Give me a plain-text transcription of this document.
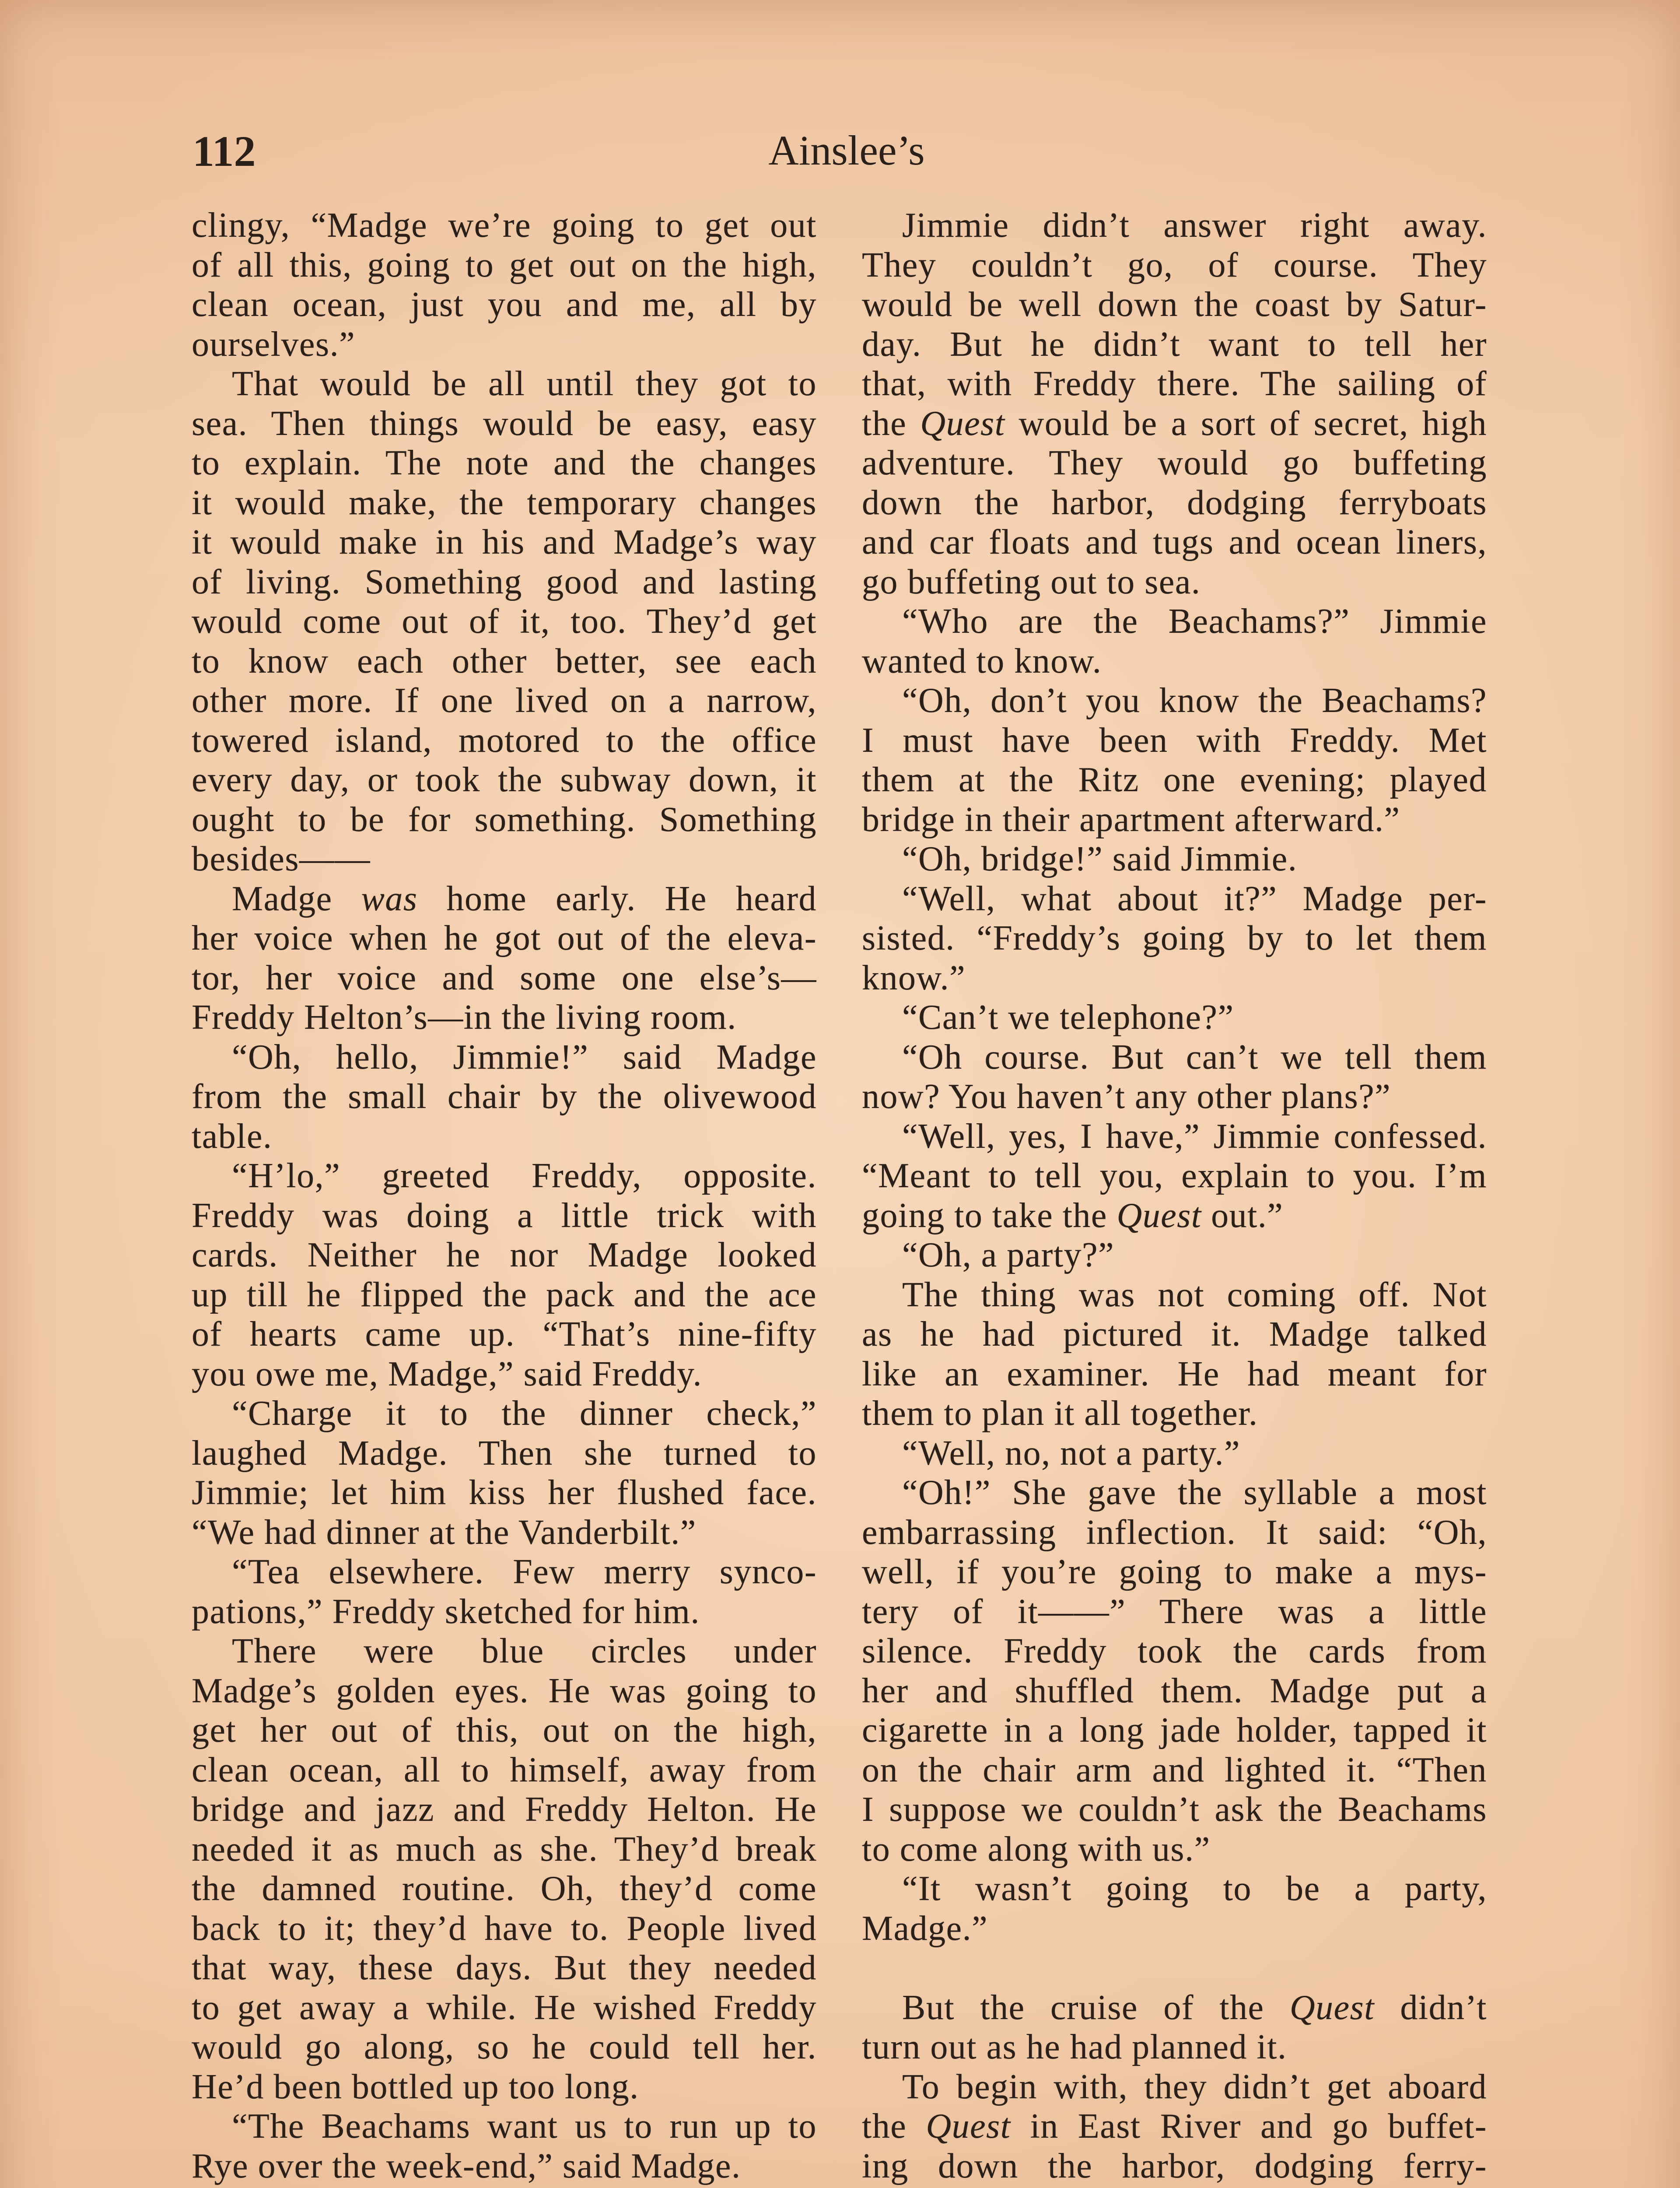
112	Ainslee’s
clingy, “Madge we’re going to get out
of all this, going to get out on the high,
clean ocean, just you and me, all by
ourselves.”
That would be all until they got to
sea. Then things would be easy, easy
to explain. The note and the changes
it would make, the temporary changes
it would make in his and Madge’s way
of living. Something good and lasting
would come out of it, too. They’d get
to know each other better, see each
other more. If one lived on a narrow,
towered island, motored to the office
every day, or took the subway down, it
ought to be for something. Something
besides——
Madge was home early. He heard
her voice when he got out of the eleva-
tor, her voice and some one else’s—
Freddy Helton’s—in the living room.
“Oh, hello, Jimmie!” said Madge
from the small chair by the olivewood
table.
“H’lo,” greeted Freddy, opposite.
Freddy was doing a little trick with
cards. Neither he nor Madge looked
up till he flipped the pack and the ace
of hearts came up. “That’s nine-fifty
you owe me, Madge,” said Freddy.
“Charge it to the dinner check,”
laughed Madge. Then she turned to
Jimmie; let him kiss her flushed face.
“We had dinner at the Vanderbilt.”
“Tea elsewhere. Few merry synco-
pations,” Freddy sketched for him.
There were blue circles under
Madge’s golden eyes. He was going to
get her out of this, out on the high,
clean ocean, all to himself, away from
bridge and jazz and Freddy Helton. He
needed it as much as she. They’d break
the damned routine. Oh, they’d come
back to it; they’d have to. People lived
that way, these days. But they needed
to get away a while. He wished Freddy
would go along, so he could tell her.
He’d been bottled up too long.
“The Beachams want us to run up to
Rye over the week-end,” said Madge.
Jimmie didn’t answer right away.
They couldn’t go, of course. They
would be well down the coast by Satur-
day. But he didn’t want to tell her
that, with Freddy there. The sailing of
the Quest would be a sort of secret, high
adventure. They would go buffeting
down the harbor, dodging ferryboats
and car floats and tugs and ocean liners,
go buffeting out to sea.
“Who are the Beachams?” Jimmie
wanted to know.
“Oh, don’t you know the Beachams?
I must have been with Freddy. Met
them at the Ritz one evening; played
bridge in their apartment afterward.”
“Oh, bridge!” said Jimmie.
“Well, what about it?” Madge per-
sisted. “Freddy’s going by to let them
know.”
“Can’t we telephone?”
“Oh course. But can’t we tell them
now? You haven’t any other plans?”
“Well, yes, I have,” Jimmie confessed.
“Meant to tell you, explain to you. I’m
going to take the Quest out.”
“Oh, a party?”
The thing was not coming off. Not
as he had pictured it. Madge talked
like an examiner. He had meant for
them to plan it all together.
“Well, no, not a party.”
“Oh!” She gave the syllable a most
embarrassing inflection. It said: “Oh,
well, if you’re going to make a mys-
tery of it——” There was a little
silence. Freddy took the cards from
her and shuffled them. Madge put a
cigarette in a long jade holder, tapped it
on the chair arm and lighted it. “Then
I suppose we couldn’t ask the Beachams
to come along with us.”
“It wasn’t going to be a party,
Madge.”
But the cruise of the Quest didn’t
turn out as he had planned it.
To begin with, they didn’t get aboard
the Quest in East River and go buffet-
ing down the harbor, dodging ferry-
